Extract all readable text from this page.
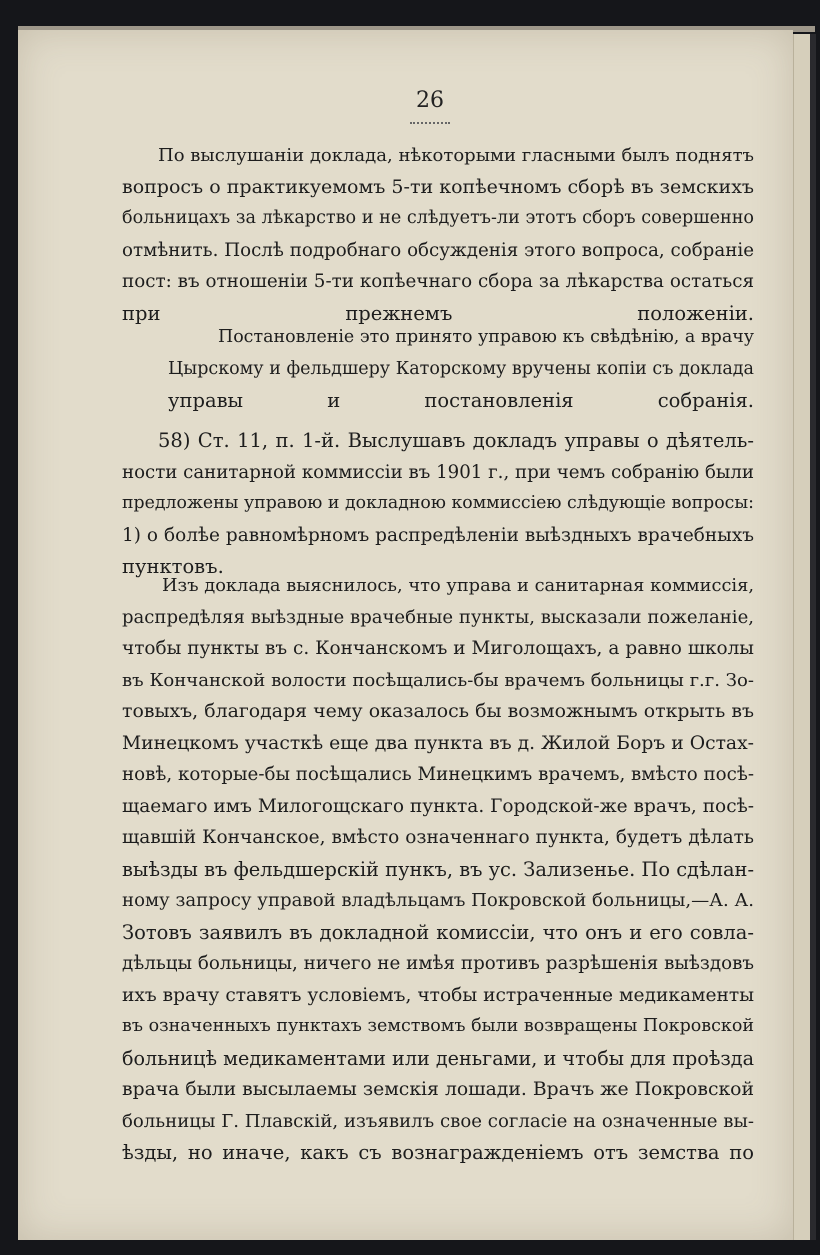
26
По выслушаніи доклада, нѣкоторыми гласными былъ поднятъ
вопросъ о практикуемомъ 5-ти копѣечномъ сборѣ въ земскихъ
больницахъ за лѣкарство и не слѣдуетъ-ли этотъ сборъ совершенно
отмѣнить. Послѣ подробнаго обсужденія этого вопроса, собраніе
пост: въ отношеніи 5-ти копѣечнаго сбора за лѣкарства остаться
при прежнемъ положеніи.
Постановленіе это принято управою къ свѣдѣнію, а врачу
Цырскому и фельдшеру Каторскому вручены копіи съ доклада
управы и постановленія собранія.
58) Ст. 11, п. 1-й. Выслушавъ докладъ управы о дѣятель-
ности санитарной коммиссіи въ 1901 г., при чемъ собранію были
предложены управою и докладною коммиссіею слѣдующіе вопросы:
1) о болѣе равномѣрномъ распредѣленіи выѣздныхъ врачебныхъ
пунктовъ.
Изъ доклада выяснилось, что управа и санитарная коммиссія,
распредѣляя выѣздные врачебные пункты, высказали пожеланіе,
чтобы пункты въ с. Кончанскомъ и Миголощахъ, а равно школы
въ Кончанской волости посѣщались-бы врачемъ больницы г.г. Зо-
товыхъ, благодаря чему оказалось бы возможнымъ открыть въ
Минецкомъ участкѣ еще два пункта въ д. Жилой Боръ и Остах-
новѣ, которые-бы посѣщались Минецкимъ врачемъ, вмѣсто посѣ-
щаемаго имъ Милогощскаго пункта. Городской-же врачъ, посѣ-
щавшій Кончанское, вмѣсто означеннаго пункта, будетъ дѣлать
выѣзды въ фельдшерскій пункъ, въ ус. Зализенье. По сдѣлан-
ному запросу управой владѣльцамъ Покровской больницы,—А. А.
Зотовъ заявилъ въ докладной комиссіи, что онъ и его совла-
дѣльцы больницы, ничего не имѣя противъ разрѣшенія выѣздовъ
ихъ врачу ставятъ условіемъ, чтобы истраченные медикаменты
въ означенныхъ пунктахъ земствомъ были возвращены Покровской
больницѣ медикаментами или деньгами, и чтобы для проѣзда
врача были высылаемы земскія лошади. Врачъ же Покровской
больницы Г. Плавскій, изъявилъ свое согласіе на означенные вы-
ѣзды, но иначе, какъ съ вознагражденіемъ отъ земства по
